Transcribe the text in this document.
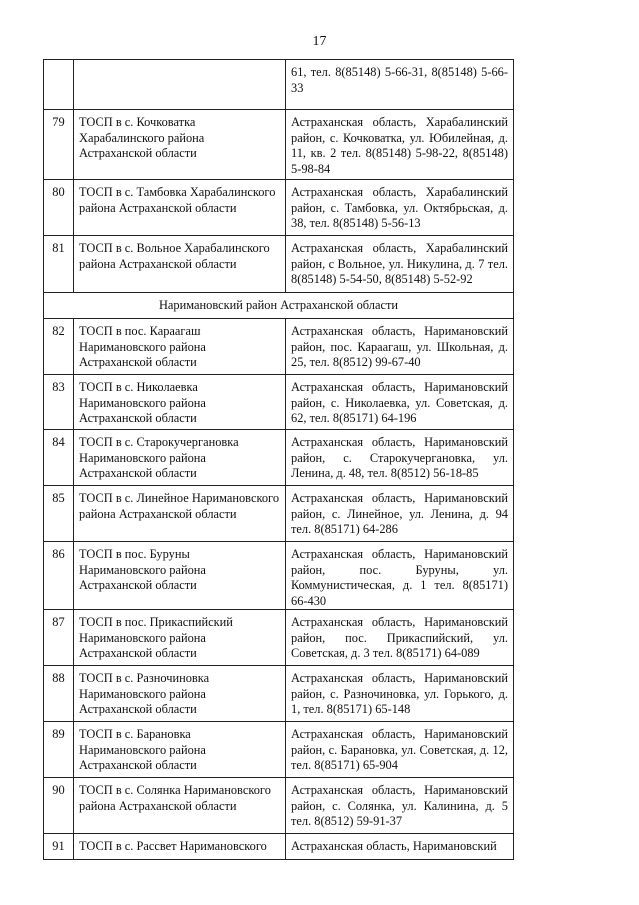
17
		61, тел. 8(85148) 5-66-31, 8(85148) 5-66-33
79	ТОСП в с. Кочковатка Харабалинского района Астраханской области	Астраханская область, Харабалинский район, с. Кочковатка, ул. Юбилейная, д. 11, кв. 2 тел. 8(85148) 5-98-22, 8(85148) 5-98-84
80	ТОСП в с. Тамбовка Харабалинского района Астраханской области	Астраханская область, Харабалинский район, с. Тамбовка, ул. Октябрьская, д. 38, тел. 8(85148) 5-56-13
81	ТОСП в с. Вольное Харабалинского района Астраханской области	Астраханская область, Харабалинский район, с Вольное, ул. Никулина, д. 7 тел. 8(85148) 5-54-50, 8(85148) 5-52-92
Наримановский район Астраханской области		
82	ТОСП в пос. Караагаш Наримановского района Астраханской области	Астраханская область, Наримановский район, пос. Караагаш, ул. Школьная, д. 25, тел. 8(8512) 99-67-40
83	ТОСП в с. Николаевка Наримановского района Астраханской области	Астраханская область, Наримановский район, с. Николаевка, ул. Советская, д. 62, тел. 8(85171) 64-196
84	ТОСП в с. Старокучергановка Наримановского района Астраханской области	Астраханская область, Наримановский район, с. Старокучергановка, ул. Ленина, д. 48, тел. 8(8512) 56-18-85
85	ТОСП в с. Линейное Наримановского района Астраханской области	Астраханская область, Наримановский район, с. Линейное, ул. Ленина, д. 94 тел. 8(85171) 64-286
86	ТОСП в пос. Буруны Наримановского района Астраханской области	Астраханская область, Наримановский район, пос. Буруны, ул. Коммунистическая, д. 1 тел. 8(85171) 66-430
87	ТОСП в пос. Прикаспийский Наримановского района Астраханской области	Астраханская область, Наримановский район, пос. Прикаспийский, ул. Советская, д. 3 тел. 8(85171) 64-089
88	ТОСП в с. Разночиновка Наримановского района Астраханской области	Астраханская область, Наримановский район, с. Разночиновка, ул. Горького, д. 1, тел. 8(85171) 65-148
89	ТОСП в с. Барановка Наримановского района Астраханской области	Астраханская область, Наримановский район, с. Барановка, ул. Советская, д. 12, тел. 8(85171) 65-904
90	ТОСП в с. Солянка Наримановского района Астраханской области	Астраханская область, Наримановский район, с. Солянка, ул. Калинина, д. 5 тел. 8(8512) 59-91-37
91	ТОСП в с. Рассвет Наримановского	Астраханская область, Наримановский
